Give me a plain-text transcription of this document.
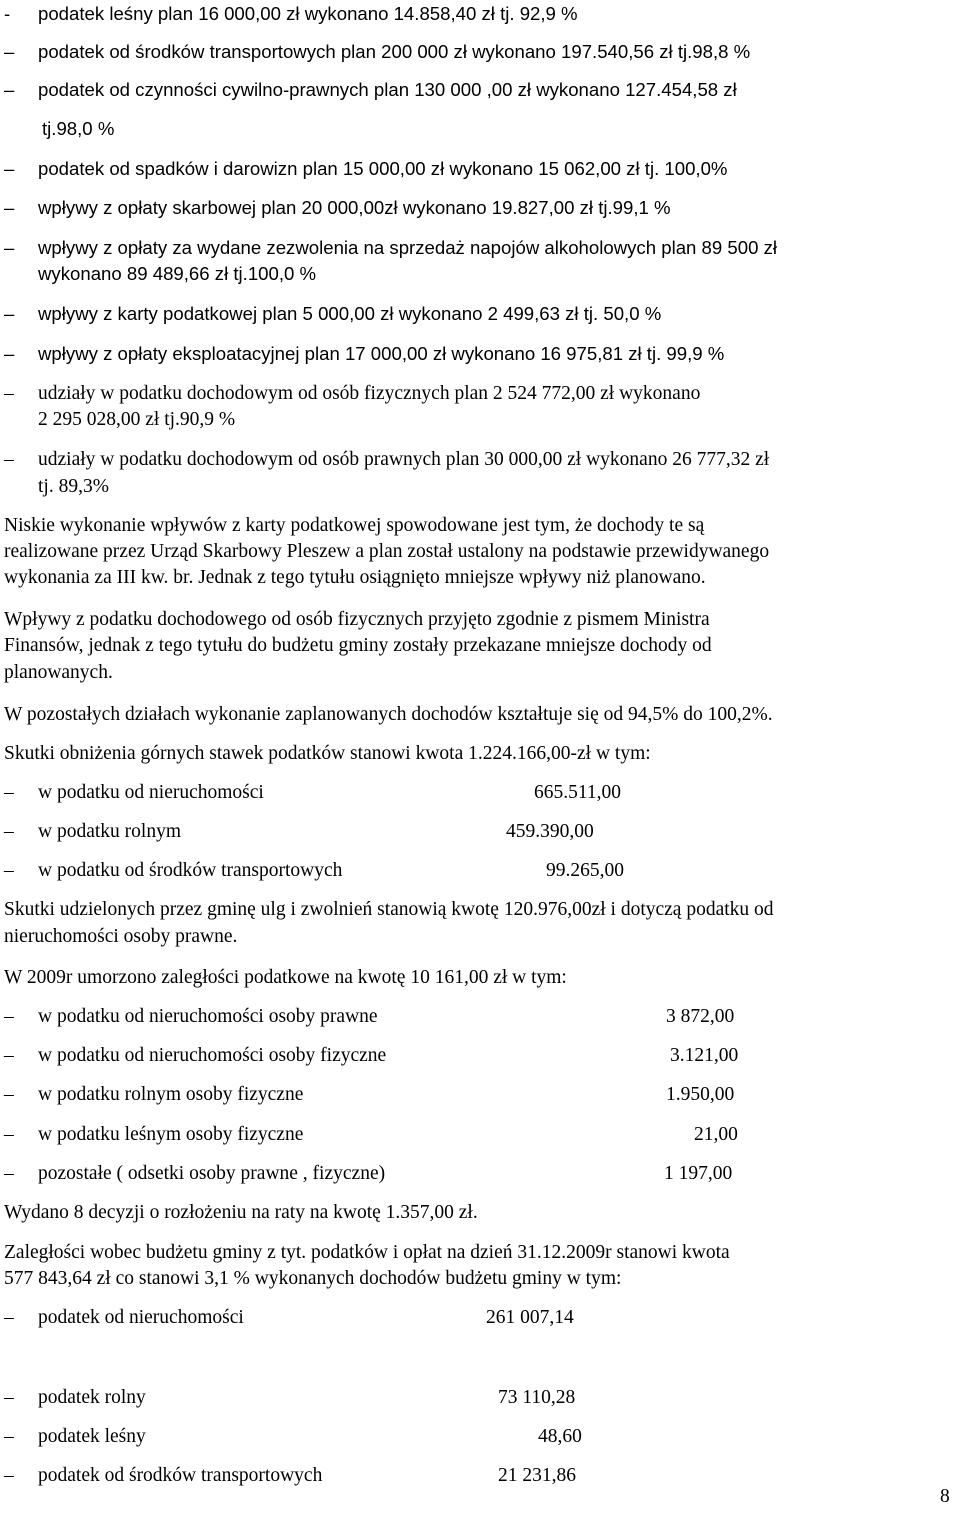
- podatek leśny plan 16 000,00 zł wykonano 14.858,40 zł tj. 92,9 %
– podatek od środków transportowych plan 200 000 zł wykonano 197.540,56 zł tj.98,8 %
– podatek od czynności cywilno-prawnych plan 130 000 ,00 zł wykonano 127.454,58 zł
tj.98,0 %
– podatek od spadków i darowizn plan 15 000,00 zł wykonano 15 062,00 zł tj. 100,0%
– wpływy z opłaty skarbowej plan 20 000,00zł wykonano 19.827,00 zł tj.99,1 %
– wpływy z opłaty za wydane zezwolenia na sprzedaż napojów alkoholowych plan 89 500 zł
wykonano 89 489,66 zł tj.100,0 %
– wpływy z karty podatkowej plan 5 000,00 zł wykonano 2 499,63 zł tj. 50,0 %
– wpływy z opłaty eksploatacyjnej plan 17 000,00 zł wykonano 16 975,81 zł tj. 99,9 %
– udziały w podatku dochodowym od osób fizycznych plan 2 524 772,00 zł wykonano
2 295 028,00 zł tj.90,9 %
– udziały w podatku dochodowym od osób prawnych plan 30 000,00 zł wykonano 26 777,32 zł
tj. 89,3%
Niskie wykonanie wpływów z karty podatkowej spowodowane jest tym, że dochody te są
realizowane przez Urząd Skarbowy Pleszew a plan został ustalony na podstawie przewidywanego
wykonania za III kw. br. Jednak z tego tytułu osiągnięto mniejsze wpływy niż planowano.
Wpływy z podatku dochodowego od osób fizycznych przyjęto zgodnie z pismem Ministra
Finansów, jednak z tego tytułu do budżetu gminy zostały przekazane mniejsze dochody od
planowanych.
W pozostałych działach wykonanie zaplanowanych dochodów kształtuje się od 94,5% do 100,2%.
Skutki obniżenia górnych stawek podatków stanowi kwota 1.224.166,00-zł w tym:
– w podatku od nieruchomości	665.511,00
– w podatku rolnym	459.390,00
– w podatku od środków transportowych	99.265,00
Skutki udzielonych przez gminę ulg i zwolnień stanowią kwotę 120.976,00zł i dotyczą podatku od
nieruchomości osoby prawne.
W 2009r umorzono zaległości podatkowe na kwotę 10 161,00 zł w tym:
– w podatku od nieruchomości osoby prawne	3 872,00
– w podatku od nieruchomości osoby fizyczne	3.121,00
– w podatku rolnym osoby fizyczne	1.950,00
– w podatku leśnym osoby fizyczne	21,00
– pozostałe ( odsetki osoby prawne , fizyczne)	1 197,00
Wydano 8 decyzji o rozłożeniu na raty na kwotę 1.357,00 zł.
Zaległości wobec budżetu gminy z tyt. podatków i opłat na dzień 31.12.2009r stanowi kwota
577 843,64 zł co stanowi 3,1 % wykonanych dochodów budżetu gminy w tym:
– podatek od nieruchomości	261 007,14
– podatek rolny	73 110,28
– podatek leśny	48,60
– podatek od środków transportowych	21 231,86
8
